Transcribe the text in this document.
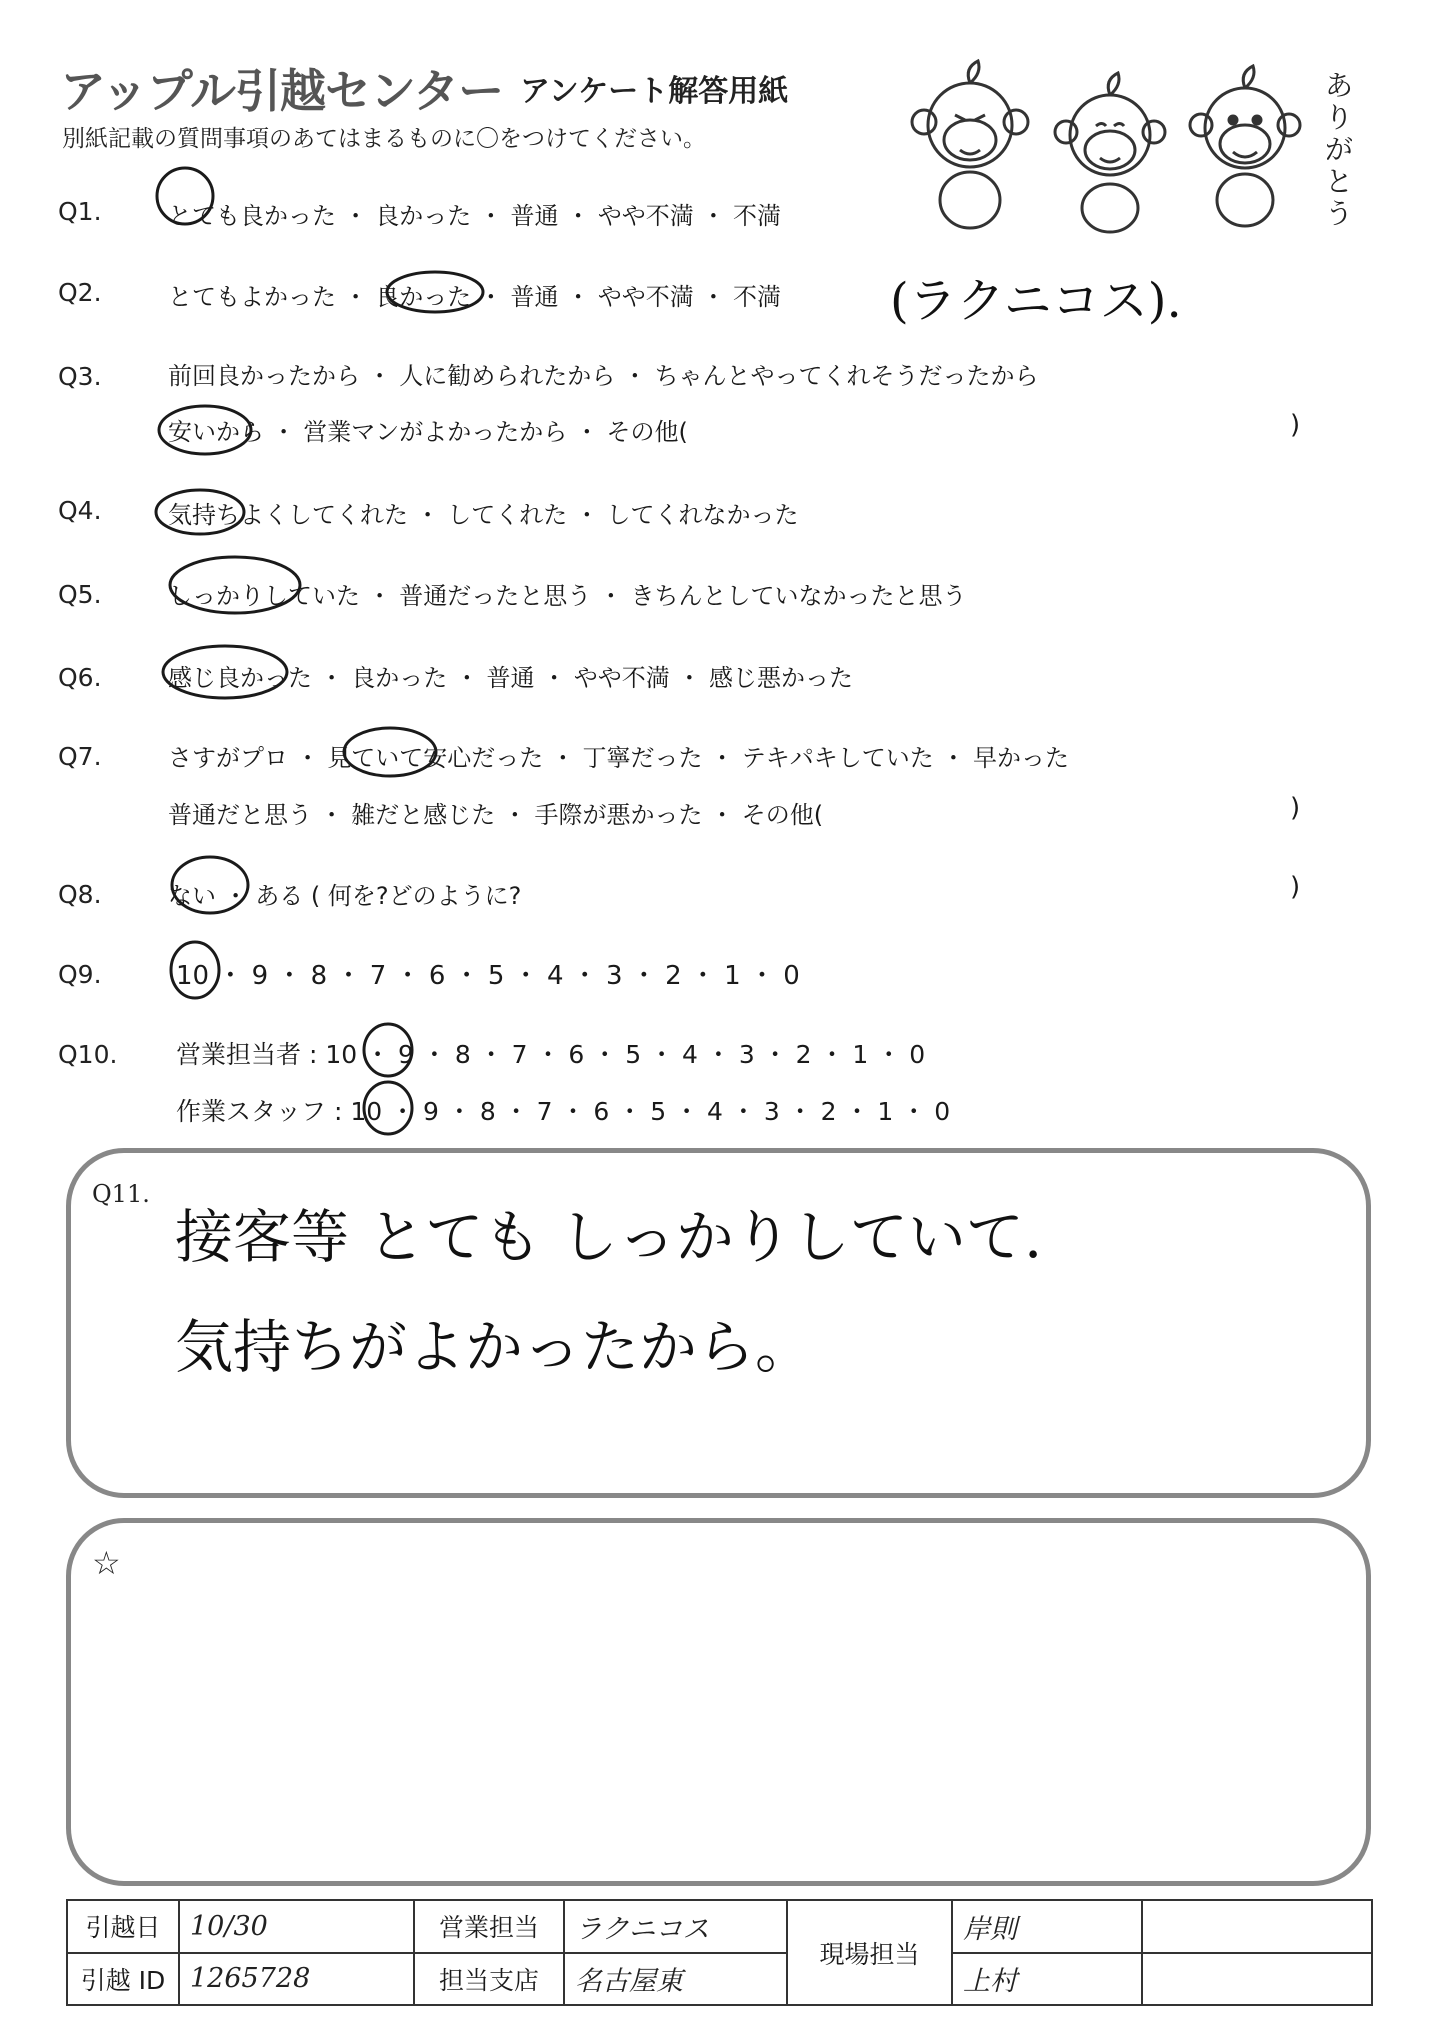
アップル引越センター アンケート解答用紙
別紙記載の質問事項のあてはまるものに〇をつけてください。
ありがとう
Q1.	とても良かった ・ 良かった ・ 普通 ・ やや不満 ・ 不満
Q2.	とてもよかった ・ 良かった ・ 普通 ・ やや不満 ・ 不満 (ラクニコス).
Q3.	前回良かったから ・ 人に勧められたから ・ ちゃんとやってくれそうだったから
安いから ・ 営業マンがよかったから ・ その他(	)
Q4.	気持ちよくしてくれた ・ してくれた ・ してくれなかった
Q5.	しっかりしていた ・ 普通だったと思う ・ きちんとしていなかったと思う
Q6.	感じ良かった ・ 良かった ・ 普通 ・ やや不満 ・ 感じ悪かった
Q7.	さすがプロ ・ 見ていて安心だった ・ 丁寧だった ・ テキパキしていた ・ 早かった
普通だと思う ・ 雑だと感じた ・ 手際が悪かった ・ その他(	)
Q8.	ない ・ ある ( 何を?どのように?	)
Q9.	10 ・ 9 ・ 8 ・ 7 ・ 6 ・ 5 ・ 4 ・ 3 ・ 2 ・ 1 ・ 0
Q10. 営業担当者 : 10 ・ 9 ・ 8 ・ 7 ・ 6 ・ 5 ・ 4 ・ 3 ・ 2 ・ 1 ・ 0
作業スタッフ : 10 ・ 9 ・ 8 ・ 7 ・ 6 ・ 5 ・ 4 ・ 3 ・ 2 ・ 1 ・ 0
Q11.
接客等 とても しっかりしていて.
気持ちがよかったから。
☆
引越日	10/30	営業担当	ラクニコス	現場担当	岸則	
引越 ID	1265728	担当支店	名古屋東		上村	
